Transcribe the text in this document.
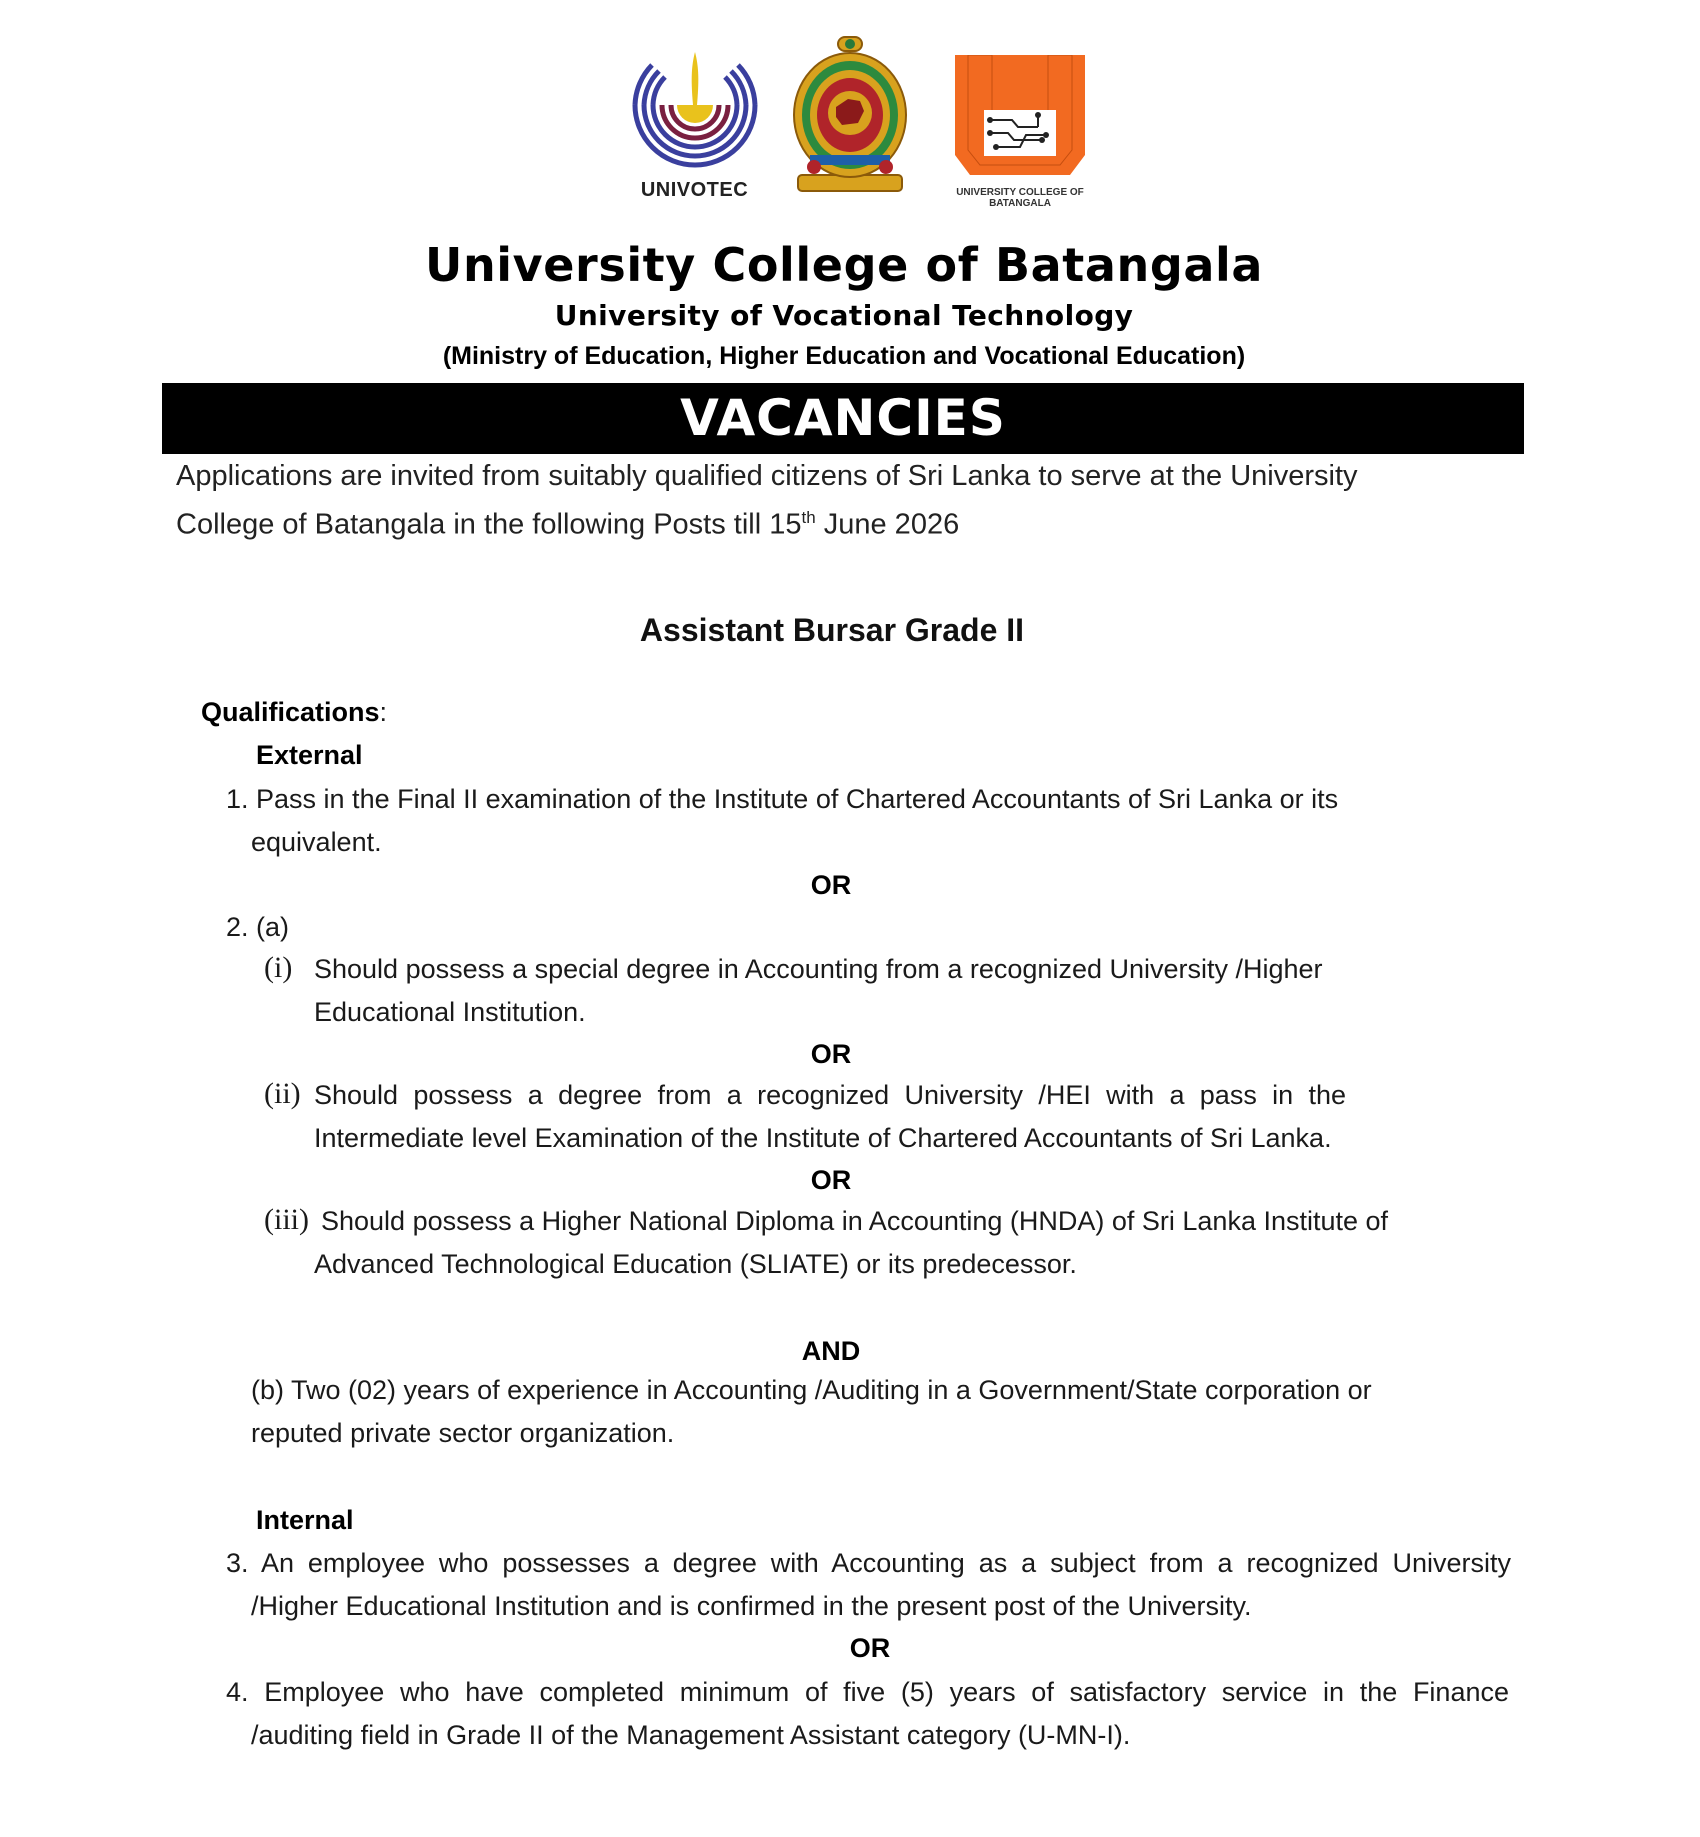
UNIVOTEC	UNIVERSITY COLLEGE OF BATANGALA
University College of Batangala
University of Vocational Technology
(Ministry of Education, Higher Education and Vocational Education)
VACANCIES
Applications are invited from suitably qualified citizens of Sri Lanka to serve at the University
College of Batangala in the following Posts till 15th June 2026
Assistant Bursar Grade II
Qualifications:
External
1. Pass in the Final II examination of the Institute of Chartered Accountants of Sri Lanka or its
equivalent.
OR
2. (a)
(i) Should possess a special degree in Accounting from a recognized University /Higher
Educational Institution.
OR
(ii) Should possess a degree from a recognized University /HEI with a pass in the
Intermediate level Examination of the Institute of Chartered Accountants of Sri Lanka.
OR
(iii) Should possess a Higher National Diploma in Accounting (HNDA) of Sri Lanka Institute of
Advanced Technological Education (SLIATE) or its predecessor.
AND
(b) Two (02) years of experience in Accounting /Auditing in a Government/State corporation or
reputed private sector organization.
Internal
3. An employee who possesses a degree with Accounting as a subject from a recognized University
/Higher Educational Institution and is confirmed in the present post of the University.
OR
4. Employee who have completed minimum of five (5) years of satisfactory service in the Finance
/auditing field in Grade II of the Management Assistant category (U-MN-I).
